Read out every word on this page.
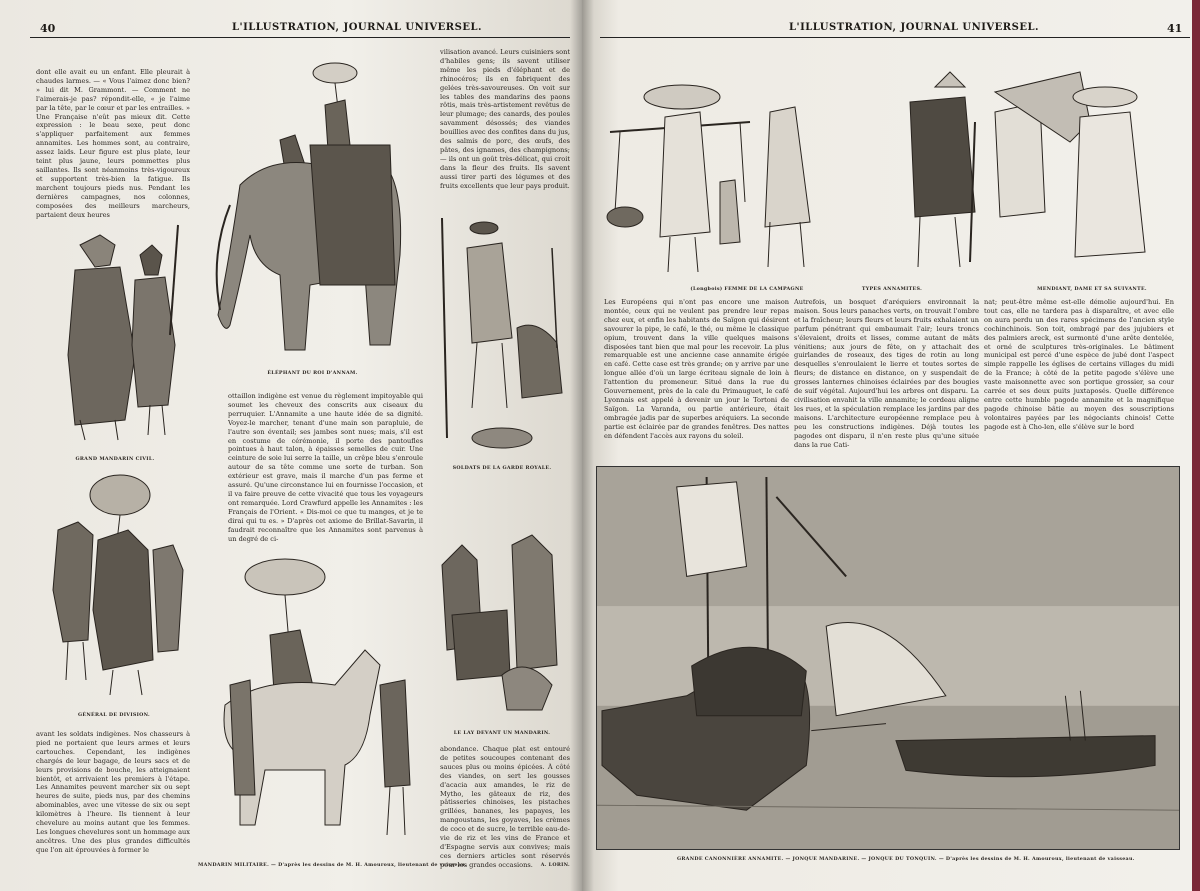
40	L'ILLUSTRATION, JOURNAL UNIVERSEL.
dont elle avait eu un enfant. Elle pleurait à chaudes larmes. — « Vous l'aimez donc bien? » lui dit M. Grammont. — Comment ne l'aimerais-je pas? répondit-elle, « je l'aime par la tête, par le cœur et par les entrailles. » Une Française n'eût pas mieux dit. Cette expression : le beau sexe, peut donc s'appliquer parfaitement aux femmes annamites. Les hommes sont, au contraire, assez laids. Leur figure est plus plate, leur teint plus jaune, leurs pommettes plus saillantes. Ils sont néanmoins très-vigoureux et supportent très-bien la fatigue. Ils marchent toujours pieds nus. Pendant les dernières campagnes, nos colonnes, composées des meilleurs marcheurs, partaient deux heures
GRAND MANDARIN CIVIL.
GÉNÉRAL DE DIVISION.
avant les soldats indigènes. Nos chasseurs à pied ne portaient que leurs armes et leurs cartouches. Cependant, les indigènes chargés de leur bagage, de leurs sacs et de leurs provisions de bouche, les atteignaient bientôt, et arrivaient les premiers à l'étape. Les Annamites peuvent marcher six ou sept heures de suite, pieds nus, par des chemins abominables, avec une vitesse de six ou sept kilomètres à l'heure. Ils tiennent à leur chevelure au moins autant que les femmes. Les longues chevelures sont un hommage aux ancêtres. Une des plus grandes difficultés que l'on ait éprouvées à former le
ÉLÉPHANT DU ROI D'ANNAM.
ottaillon indigène est venue du règlement impitoyable qui soumet les cheveux des conscrits aux ciseaux du perruquier. L'Annamite a une haute idée de sa dignité. Voyez-le marcher, tenant d'une main son parapluie, de l'autre son éventail; ses jambes sont nues; mais, s'il est en costume de cérémonie, il porte des pantoufles pointues à haut talon, à épaisses semelles de cuir. Une ceinture de soie lui serre la taille, un crêpe bleu s'enroule autour de sa tête comme une sorte de turban. Son extérieur est grave, mais il marche d'un pas ferme et assuré. Qu'une circonstance lui en fournisse l'occasion, et il va faire preuve de cette vivacité que tous les voyageurs ont remarquée. Lord Crawfurd appelle les Annamites : les Français de l'Orient. « Dis-moi ce que tu manges, et je te dirai qui tu es. » D'après cet axiome de Brillat-Savarin, il faudrait reconnaître que les Annamites sont parvenus à un degré de ci-
MANDARIN MILITAIRE. — D'après les dessins de M. H. Amouroux, lieutenant de vaisseau.
vilisation avancé. Leurs cuisiniers sont d'habiles gens; ils savent utiliser même les pieds d'éléphant et de rhinocéros; ils en fabriquent des gelées très-savoureuses. On voit sur les tables des mandarins des paons rôtis, mais très-artistement revêtus de leur plumage; des canards, des poules savamment désossés; des viandes bouillies avec des confites dans du jus, des salmis de porc, des œufs, des pâtes, des ignames, des champignons; — ils ont un goût très-délicat, qui croit dans la fleur des fruits. Ils savent aussi tirer parti des légumes et des fruits excellents que leur pays produit.
SOLDATS DE LA GARDE ROYALE.
LE LAY DEVANT UN MANDARIN.
abondance. Chaque plat est entouré de petites soucoupes contenant des sauces plus ou moins épicées. À côté des viandes, on sert les gousses d'acacia aux amandes, le riz de Mytho, les gâteaux de riz, des pâtisseries chinoises, les pistaches grillées, bananes, les papayes, les mangoustans, les goyaves, les crèmes de coco et de sucre, le terrible eau-de-vie de riz et les vins de France et d'Espagne servis aux convives; mais ces derniers articles sont réservés pour les grandes occasions.	A. LORIN.
L'ILLUSTRATION, JOURNAL UNIVERSEL.	41
(Longbois) FEMME DE LA CAMPAGNE	TYPES ANNAMITES.	MENDIANT, DAME ET SA SUIVANTE.
Les Européens qui n'ont pas encore une maison montée, ceux qui ne veulent pas prendre leur repas chez eux, et enfin les habitants de Saïgon qui désirent savourer la pipe, le café, le thé, ou même le classique opium, trouvent dans la ville quelques maisons disposées tant bien que mal pour les recevoir. La plus remarquable est une ancienne case annamite érigée en café. Cette case est très grande; on y arrive par une longue allée d'où un large écriteau signale de loin à l'attention du promeneur. Situé dans la rue du Gouvernement, près de la cale du Primauguet, le café Lyonnais est appelé à devenir un jour le Tortoni de Saïgon. La Varanda, ou partie antérieure, était ombragée jadis par de superbes aréquiers. La seconde partie est éclairée par de grandes fenêtres. Des nattes en défendent l'accès aux rayons du soleil.
Autrefois, un bosquet d'aréquiers environnait la maison. Sous leurs panaches verts, on trouvait l'ombre et la fraîcheur; leurs fleurs et leurs fruits exhalaient un parfum pénétrant qui embaumait l'air; leurs troncs s'élevaient, droits et lisses, comme autant de mâts vénitiens; aux jours de fête, on y attachait des guirlandes de roseaux, des tiges de rotin au long desquelles s'enroulaient le lierre et toutes sortes de fleurs; de distance en distance, on y suspendait de grosses lanternes chinoises éclairées par des bougies de suif végétal. Aujourd'hui les arbres ont disparu. La civilisation envahit la ville annamite; le cordeau aligne les rues, et la spéculation remplace les jardins par des maisons. L'architecture européenne remplace peu à peu les constructions indigènes. Déjà toutes les pagodes ont disparu, il n'en reste plus qu'une située dans la rue Cati-
nat; peut-être même est-elle démolie aujourd'hui. En tout cas, elle ne tardera pas à disparaître, et avec elle on aura perdu un des rares spécimens de l'ancien style cochinchinois. Son toit, ombragé par des jujubiers et des palmiers areck, est surmonté d'une arête dentelée, et orné de sculptures très-originales. Le bâtiment municipal est percé d'une espèce de jubé dont l'aspect simple rappelle les églises de certains villages du midi de la France; à côté de la petite pagode s'élève une vaste maisonnette avec son portique grossier, sa cour carrée et ses deux puits juxtaposés. Quelle différence entre cette humble pagode annamite et la magnifique pagode chinoise bâtie au moyen des souscriptions volontaires payées par les négociants chinois! Cette pagode est à Cho-len, elle s'élève sur le bord
GRANDE CANONNIÈRE ANNAMITE. — JONQUE MANDARINE. — JONQUE DU TONQUIN. — D'après les dessins de M. H. Amouroux, lieutenant de vaisseau.
